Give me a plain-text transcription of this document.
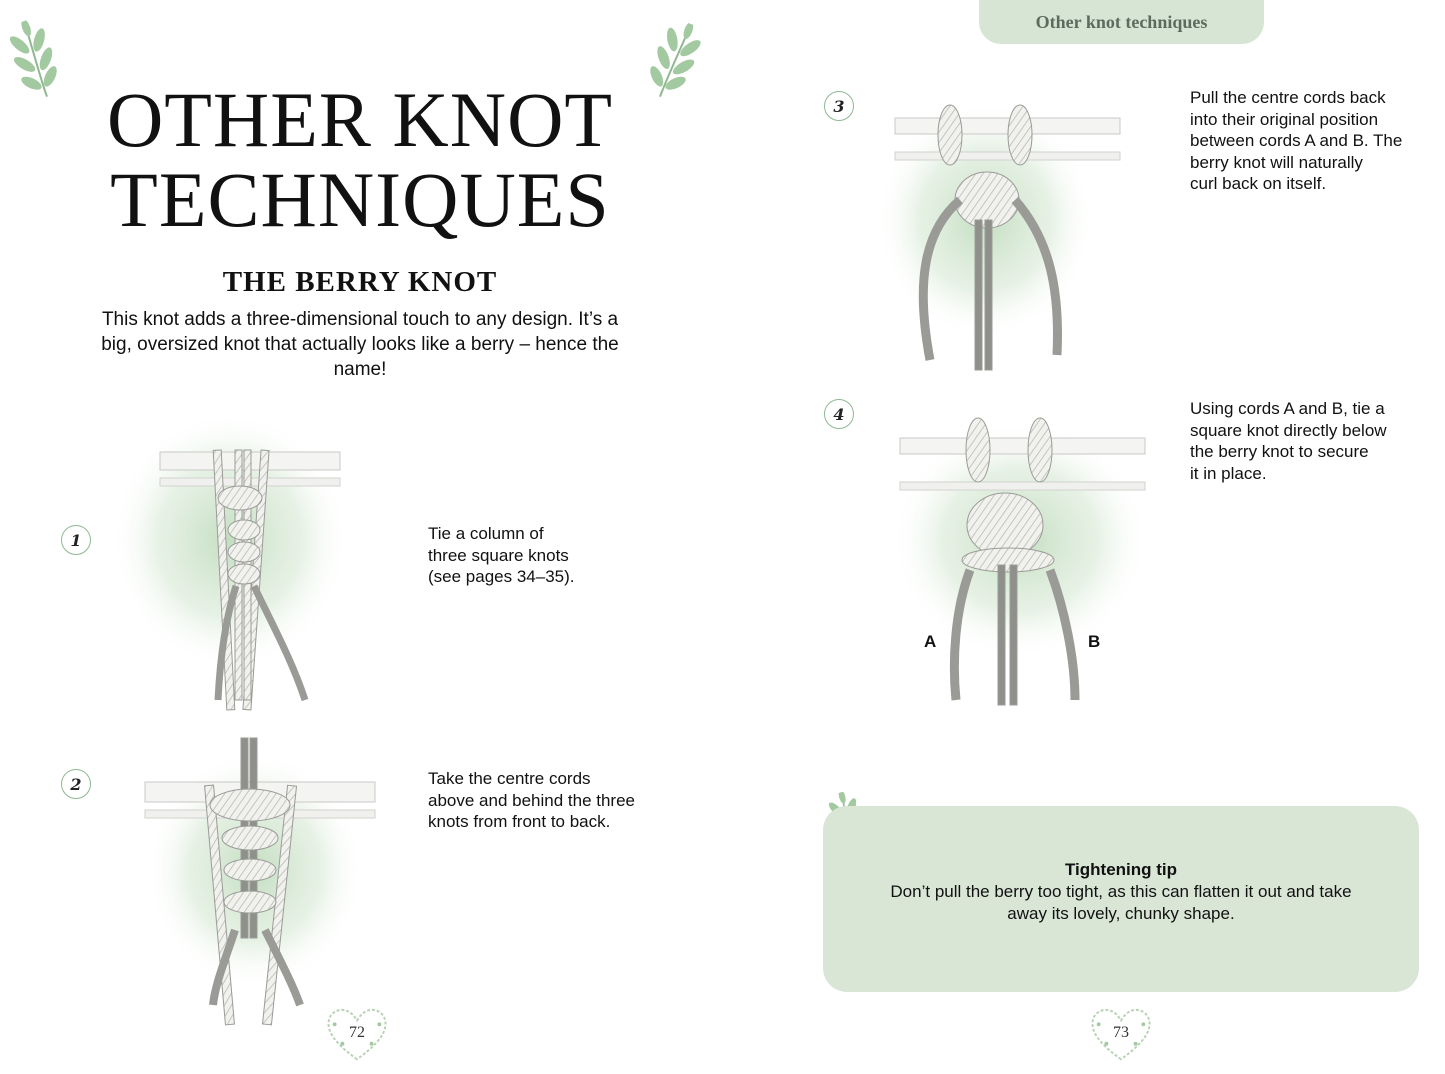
Other knot techniques
OTHER KNOT
TECHNIQUES
THE BERRY KNOT
This knot adds a three-dimensional touch to any design. It’s a big, oversized knot that actually looks like a berry – hence the name!
1	Tie a column of
three square knots
(see pages 34–35).
2	Take the centre cords
above and behind the three
knots from front to back.
3	Pull the centre cords back
into their original position
between cords A and B. The
berry knot will naturally
curl back on itself.
4	Using cords A and B, tie a
square knot directly below
the berry knot to secure
it in place.
A	B
Tightening tip
Don’t pull the berry too tight, as this can flatten it out and take away its lovely, chunky shape.
72	73
